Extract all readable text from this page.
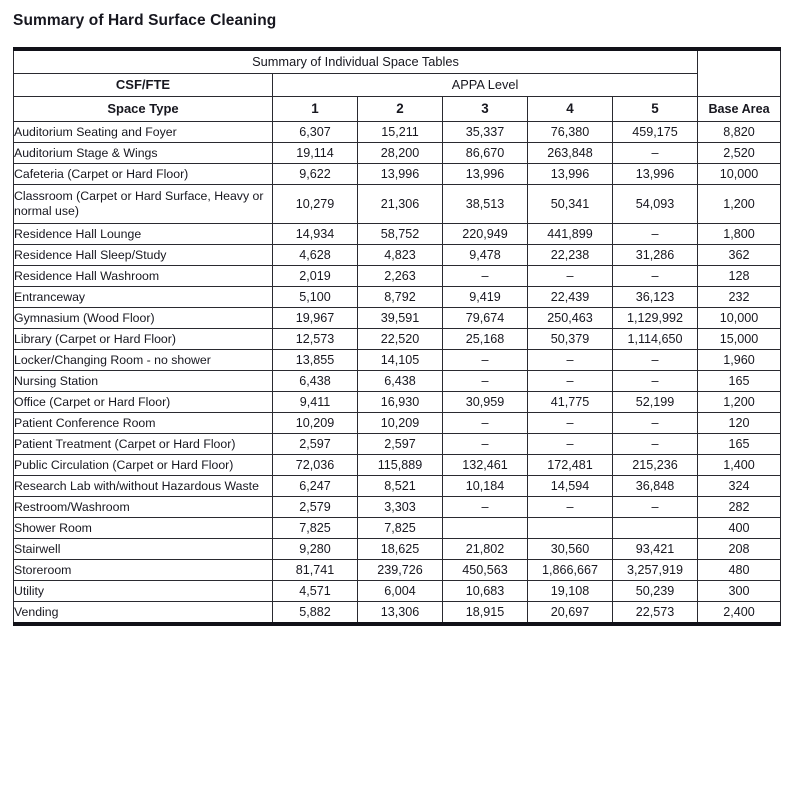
Summary of Hard Surface Cleaning
Summary of Individual Space Tables						
CSF/FTE	APPA Level					
Space Type	1	2	3	4	5	Base Area
Auditorium Seating and Foyer	6,307	15,211	35,337	76,380	459,175	8,820
Auditorium Stage & Wings	19,114	28,200	86,670	263,848	–	2,520
Cafeteria (Carpet or Hard Floor)	9,622	13,996	13,996	13,996	13,996	10,000
Classroom (Carpet or Hard Surface, Heavy or normal use)	10,279	21,306	38,513	50,341	54,093	1,200
Residence Hall Lounge	14,934	58,752	220,949	441,899	–	1,800
Residence Hall Sleep/Study	4,628	4,823	9,478	22,238	31,286	362
Residence Hall Washroom	2,019	2,263	–	–	–	128
Entranceway	5,100	8,792	9,419	22,439	36,123	232
Gymnasium (Wood Floor)	19,967	39,591	79,674	250,463	1,129,992	10,000
Library (Carpet or Hard Floor)	12,573	22,520	25,168	50,379	1,114,650	15,000
Locker/Changing Room - no shower	13,855	14,105	–	–	–	1,960
Nursing Station	6,438	6,438	–	–	–	165
Office (Carpet or Hard Floor)	9,411	16,930	30,959	41,775	52,199	1,200
Patient Conference Room	10,209	10,209	–	–	–	120
Patient Treatment (Carpet or Hard Floor)	2,597	2,597	–	–	–	165
Public Circulation (Carpet or Hard Floor)	72,036	115,889	132,461	172,481	215,236	1,400
Research Lab with/without Hazardous Waste	6,247	8,521	10,184	14,594	36,848	324
Restroom/Washroom	2,579	3,303	–	–	–	282
Shower Room	7,825	7,825				400
Stairwell	9,280	18,625	21,802	30,560	93,421	208
Storeroom	81,741	239,726	450,563	1,866,667	3,257,919	480
Utility	4,571	6,004	10,683	19,108	50,239	300
Vending	5,882	13,306	18,915	20,697	22,573	2,400
